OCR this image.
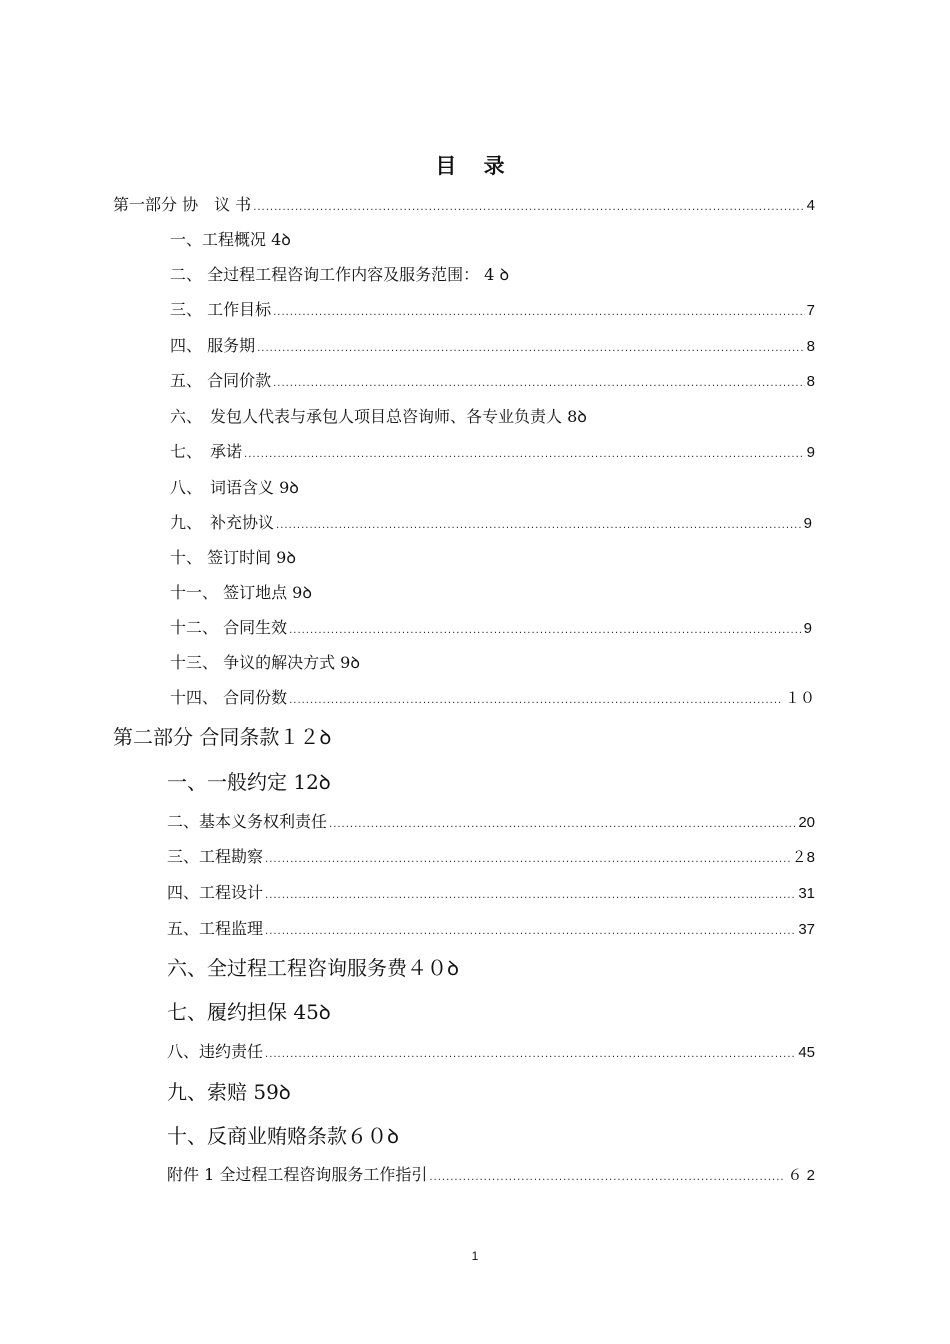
目 录
第一部分 协　议 书 .....	4
一、工程概况 4ꝺ
二、 全过程工程咨询工作内容及服务范围： 4 ꝺ
三、 工作目标 .....	7
四、 服务期 .....	8
五、 合同价款 .....	8
六、　发包人代表与承包人项目总咨询师、各专业负责人 8ꝺ
七、　承诺 .....	9
八、　词语含义 9ꝺ
九、　补充协议 .....	9
十、 签订时间 9ꝺ
十一、 签订地点 9ꝺ
十二、 合同生效 .....	9
十三、 争议的解决方式 9ꝺ
十四、 合同份数 .....	１０
第二部分 合同条款１２ꝺ
一、一般约定 12ꝺ
二、基本义务权利责任 .....	20
三、工程勘察 .....	２8
四、工程设计 .....	31
五、工程监理 .....	37
六、全过程工程咨询服务费４０ꝺ
七、履约担保 45ꝺ
八、违约责任 .....	45
九、索赔 59ꝺ
十、反商业贿赂条款６０ꝺ
附件 1 全过程工程咨询服务工作指引 .....	６ 2
1
